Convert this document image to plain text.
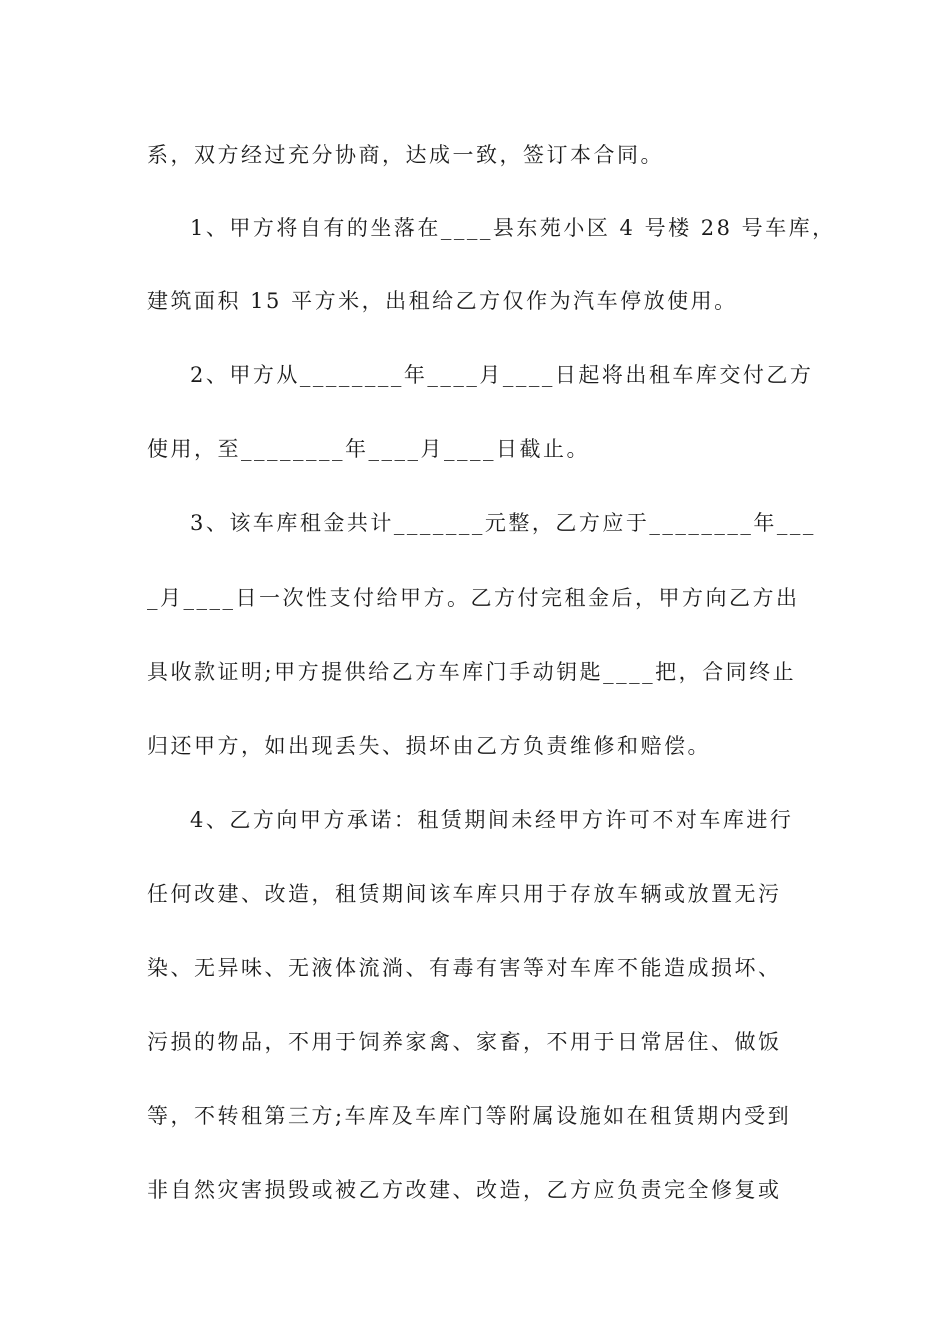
系，双方经过充分协商，达成一致，签订本合同。
1、甲方将自有的坐落在____县东苑小区 4 号楼 28 号车库，
建筑面积 15 平方米，出租给乙方仅作为汽车停放使用。
2、甲方从________年____月____日起将出租车库交付乙方
使用，至________年____月____日截止。
3、该车库租金共计_______元整，乙方应于________年___
_月____日一次性支付给甲方。乙方付完租金后，甲方向乙方出
具收款证明;甲方提供给乙方车库门手动钥匙____把，合同终止
归还甲方，如出现丢失、损坏由乙方负责维修和赔偿。
4、乙方向甲方承诺：租赁期间未经甲方许可不对车库进行
任何改建、改造，租赁期间该车库只用于存放车辆或放置无污
染、无异味、无液体流淌、有毒有害等对车库不能造成损坏、
污损的物品，不用于饲养家禽、家畜，不用于日常居住、做饭
等，不转租第三方;车库及车库门等附属设施如在租赁期内受到
非自然灾害损毁或被乙方改建、改造，乙方应负责完全修复或
